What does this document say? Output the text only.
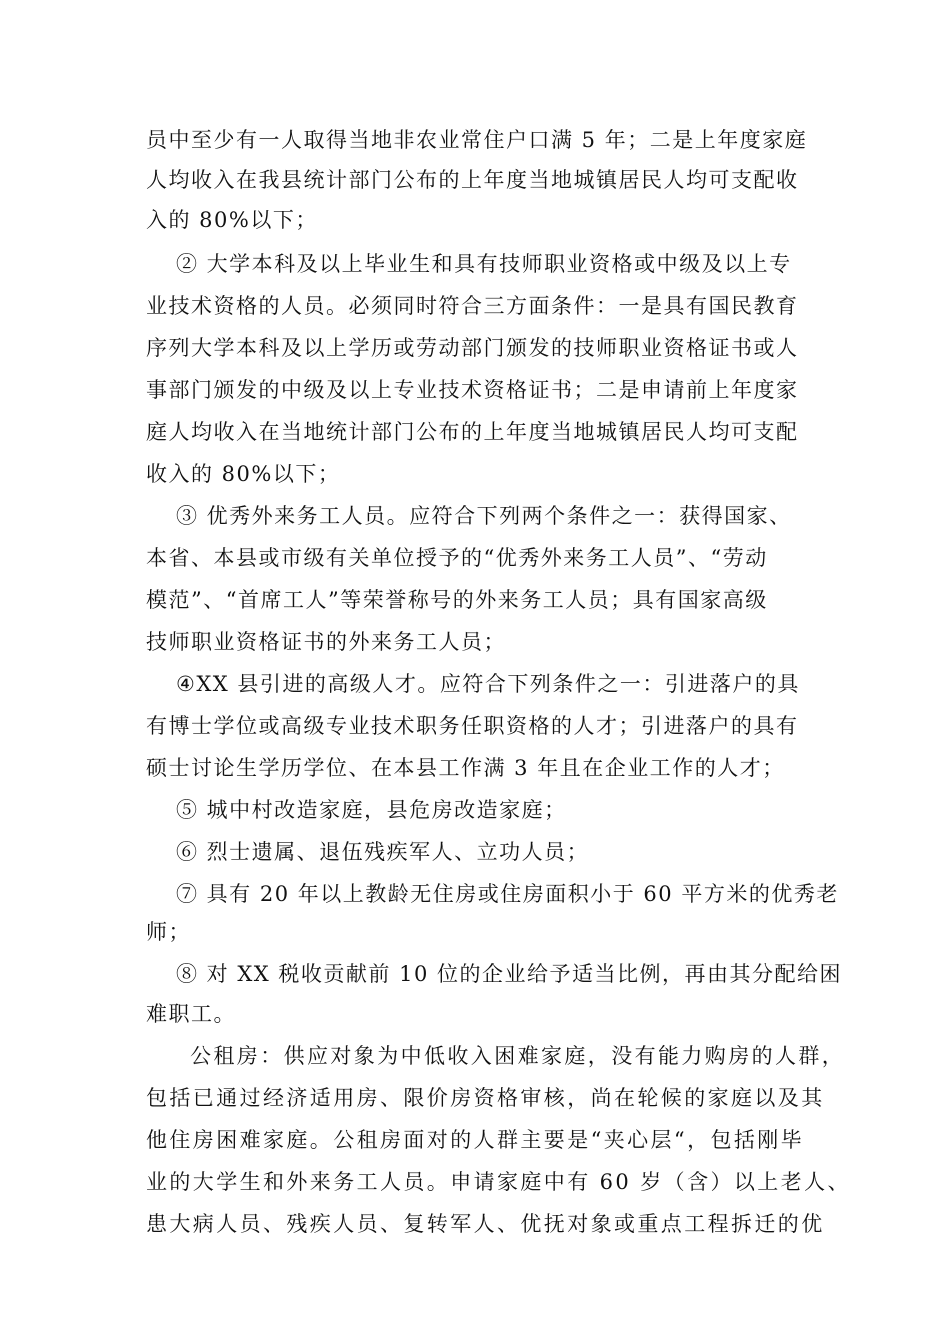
员中至少有一人取得当地非农业常住户口满 5 年；二是上年度家庭
人均收入在我县统计部门公布的上年度当地城镇居民人均可支配收
入的 80%以下；
② 大学本科及以上毕业生和具有技师职业资格或中级及以上专
业技术资格的人员。必须同时符合三方面条件：一是具有国民教育
序列大学本科及以上学历或劳动部门颁发的技师职业资格证书或人
事部门颁发的中级及以上专业技术资格证书；二是申请前上年度家
庭人均收入在当地统计部门公布的上年度当地城镇居民人均可支配
收入的 80%以下；
③ 优秀外来务工人员。应符合下列两个条件之一：获得国家、
本省、本县或市级有关单位授予的“优秀外来务工人员”、“劳动
模范”、“首席工人”等荣誉称号的外来务工人员；具有国家高级
技师职业资格证书的外来务工人员；
④XX 县引进的高级人才。应符合下列条件之一：引进落户的具
有博士学位或高级专业技术职务任职资格的人才；引进落户的具有
硕士讨论生学历学位、在本县工作满 3 年且在企业工作的人才；
⑤ 城中村改造家庭，县危房改造家庭；
⑥ 烈士遗属、退伍残疾军人、立功人员；
⑦ 具有 20 年以上教龄无住房或住房面积小于 60 平方米的优秀老
师；
⑧ 对 XX 税收贡献前 10 位的企业给予适当比例，再由其分配给困
难职工。
公租房：供应对象为中低收入困难家庭，没有能力购房的人群，
包括已通过经济适用房、限价房资格审核，尚在轮候的家庭以及其
他住房困难家庭。公租房面对的人群主要是“夹心层“，包括刚毕
业的大学生和外来务工人员。申请家庭中有 60 岁（含）以上老人、
患大病人员、残疾人员、复转军人、优抚对象或重点工程拆迁的优
